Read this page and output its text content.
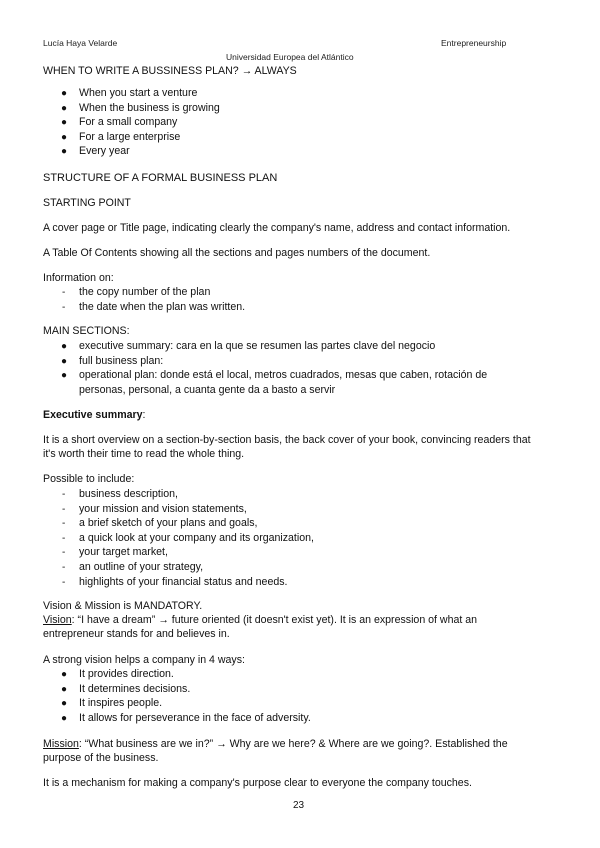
Lucía Haya Velarde	Entrepreneurship
Universidad Europea del Atlántico
WHEN TO WRITE A BUSSINESS PLAN? → ALWAYS
● When you start a venture
● When the business is growing
● For a small company
● For a large enterprise
● Every year
STRUCTURE OF A FORMAL BUSINESS PLAN
STARTING POINT
A cover page or Title page, indicating clearly the company's name, address and contact information.
A Table Of Contents showing all the sections and pages numbers of the document.
Information on:
- the copy number of the plan
- the date when the plan was written.
MAIN SECTIONS:
● executive summary: cara en la que se resumen las partes clave del negocio
● full business plan:
● operational plan: donde está el local, metros cuadrados, mesas que caben, rotación de
personas, personal, a cuanta gente da a basto a servir
Executive summary:
It is a short overview on a section-by-section basis, the back cover of your book, convincing readers that
it's worth their time to read the whole thing.
Possible to include:
- business description,
- your mission and vision statements,
- a brief sketch of your plans and goals,
- a quick look at your company and its organization,
- your target market,
- an outline of your strategy,
- highlights of your financial status and needs.
Vision & Mission is MANDATORY.
Vision: “I have a dream” → future oriented (it doesn't exist yet). It is an expression of what an
entrepreneur stands for and believes in.
A strong vision helps a company in 4 ways:
● It provides direction.
● It determines decisions.
● It inspires people.
● It allows for perseverance in the face of adversity.
Mission: “What business are we in?” → Why are we here? & Where are we going?. Established the
purpose of the business.
It is a mechanism for making a company's purpose clear to everyone the company touches.
23
